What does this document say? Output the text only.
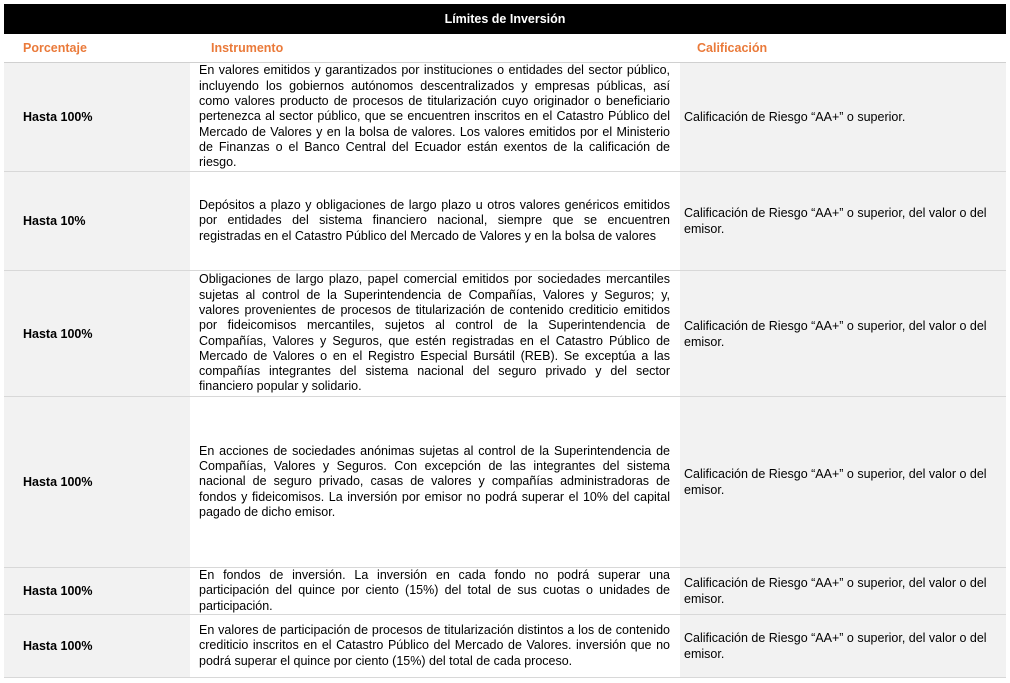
Límites de Inversión
Porcentaje	Instrumento	Calificación
Hasta 100%
En valores emitidos y garantizados por instituciones o entidades del sector público, incluyendo los gobiernos autónomos descentralizados y empresas públicas, así como valores producto de procesos de titularización cuyo originador o beneficiario pertenezca al sector público, que se encuentren inscritos en el Catastro Público del Mercado de Valores y en la bolsa de valores. Los valores emitidos por el Ministerio de Finanzas o el Banco Central del Ecuador están exentos de la calificación de riesgo.
Calificación de Riesgo “AA+” o superior.
Hasta 10%
Depósitos a plazo y obligaciones de largo plazo u otros valores genéricos emitidos por entidades del sistema financiero nacional, siempre que se encuentren registradas en el Catastro Público del Mercado de Valores y en la bolsa de valores
Calificación de Riesgo “AA+” o superior, del valor o del emisor.
Hasta 100%
Obligaciones de largo plazo, papel comercial emitidos por sociedades mercantiles sujetas al control de la Superintendencia de Compañías, Valores y Seguros; y, valores provenientes de procesos de titularización de contenido crediticio emitidos por fideicomisos mercantiles, sujetos al control de la Superintendencia de Compañías, Valores y Seguros, que estén registradas en el Catastro Público de Mercado de Valores o en el Registro Especial Bursátil (REB). Se exceptúa a las compañías integrantes del sistema nacional del seguro privado y del sector financiero popular y solidario.
Calificación de Riesgo “AA+” o superior, del valor o del emisor.
Hasta 100%
En acciones de sociedades anónimas sujetas al control de la Superintendencia de Compañías, Valores y Seguros. Con excepción de las integrantes del sistema nacional de seguro privado, casas de valores y compañías administradoras de fondos y fideicomisos. La inversión por emisor no podrá superar el 10% del capital pagado de dicho emisor.
Calificación de Riesgo “AA+” o superior, del valor o del emisor.
Hasta 100%
En fondos de inversión. La inversión en cada fondo no podrá superar una participación del quince por ciento (15%) del total de sus cuotas o unidades de participación.
Calificación de Riesgo “AA+” o superior, del valor o del emisor.
Hasta 100%
En valores de participación de procesos de titularización distintos a los de contenido crediticio inscritos en el Catastro Público del Mercado de Valores. inversión que no podrá superar el quince por ciento (15%) del total de cada proceso.
Calificación de Riesgo “AA+” o superior, del valor o del emisor.
